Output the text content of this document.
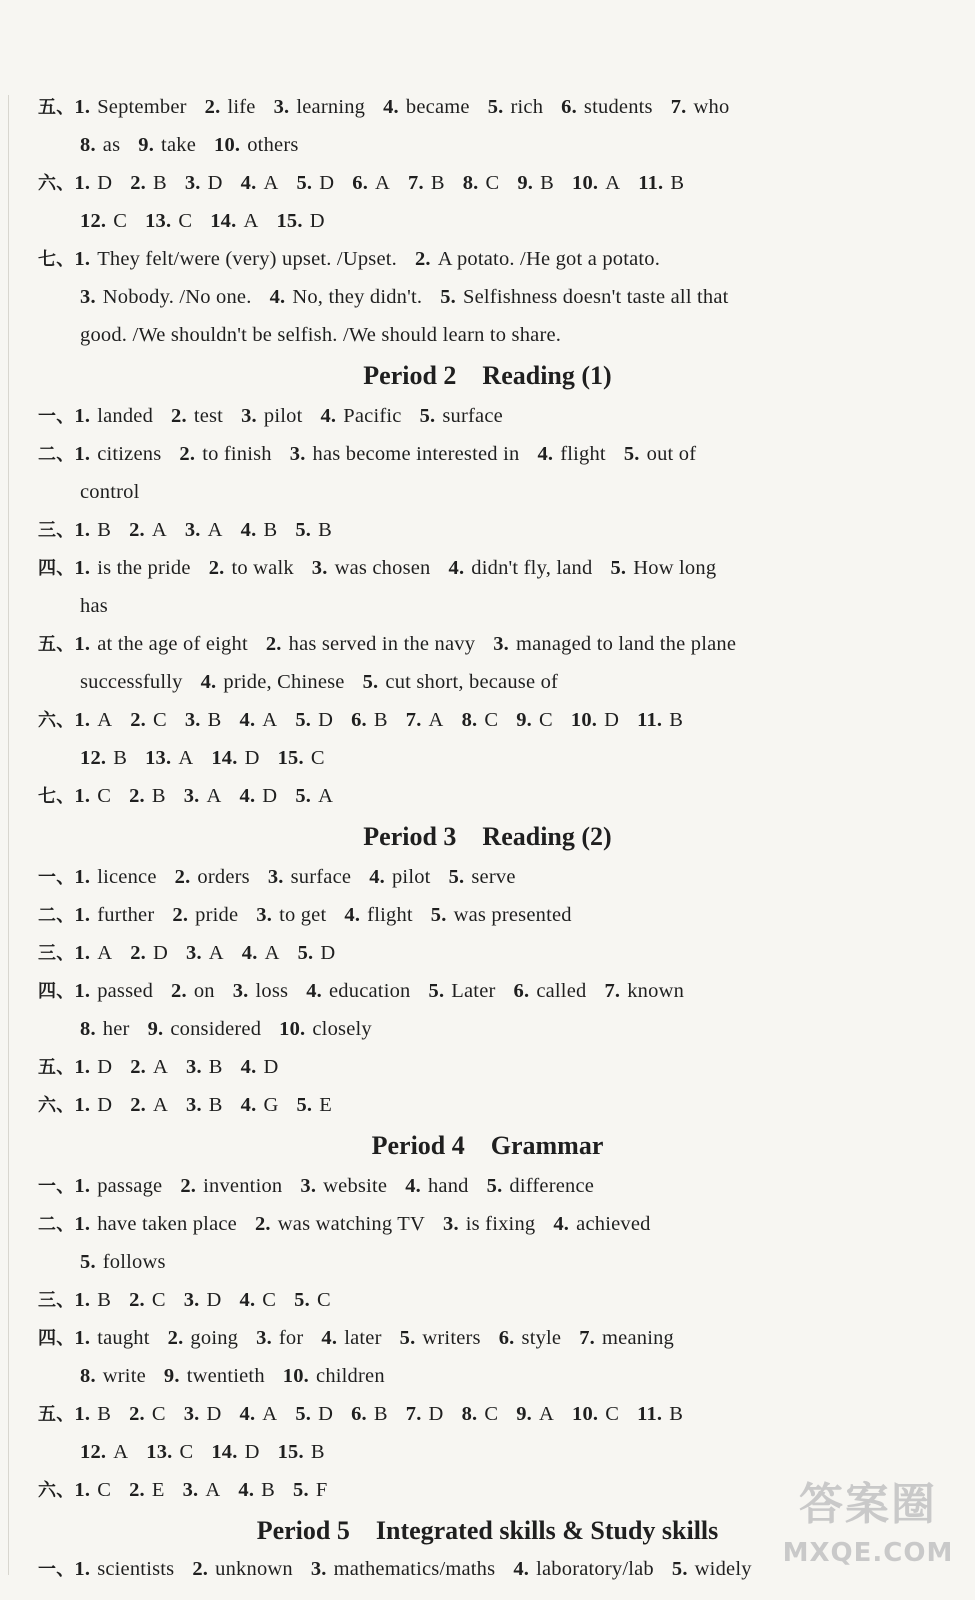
五、1. September 2. life 3. learning 4. became 5. rich 6. students 7. who
8. as 9. take 10. others
六、1. D 2. B 3. D 4. A 5. D 6. A 7. B 8. C 9. B 10. A 11. B
12. C 13. C 14. A 15. D
七、1. They felt/were (very) upset. /Upset. 2. A potato. /He got a potato.
3. Nobody. /No one. 4. No, they didn't. 5. Selfishness doesn't taste all that
good. /We shouldn't be selfish. /We should learn to share.
Period 2    Reading (1)
一、1. landed 2. test 3. pilot 4. Pacific 5. surface
二、1. citizens 2. to finish 3. has become interested in 4. flight 5. out of
control
三、1. B 2. A 3. A 4. B 5. B
四、1. is the pride 2. to walk 3. was chosen 4. didn't fly, land 5. How long
has
五、1. at the age of eight 2. has served in the navy 3. managed to land the plane
successfully 4. pride, Chinese 5. cut short, because of
六、1. A 2. C 3. B 4. A 5. D 6. B 7. A 8. C 9. C 10. D 11. B
12. B 13. A 14. D 15. C
七、1. C 2. B 3. A 4. D 5. A
Period 3    Reading (2)
一、1. licence 2. orders 3. surface 4. pilot 5. serve
二、1. further 2. pride 3. to get 4. flight 5. was presented
三、1. A 2. D 3. A 4. A 5. D
四、1. passed 2. on 3. loss 4. education 5. Later 6. called 7. known
8. her 9. considered 10. closely
五、1. D 2. A 3. B 4. D
六、1. D 2. A 3. B 4. G 5. E
Period 4    Grammar
一、1. passage 2. invention 3. website 4. hand 5. difference
二、1. have taken place 2. was watching TV 3. is fixing 4. achieved
5. follows
三、1. B 2. C 3. D 4. C 5. C
四、1. taught 2. going 3. for 4. later 5. writers 6. style 7. meaning
8. write 9. twentieth 10. children
五、1. B 2. C 3. D 4. A 5. D 6. B 7. D 8. C 9. A 10. C 11. B
12. A 13. C 14. D 15. B
六、1. C 2. E 3. A 4. B 5. F
Period 5    Integrated skills & Study skills
一、1. scientists 2. unknown 3. mathematics/maths 4. laboratory/lab 5. widely
答案圈
MXQE.COM
